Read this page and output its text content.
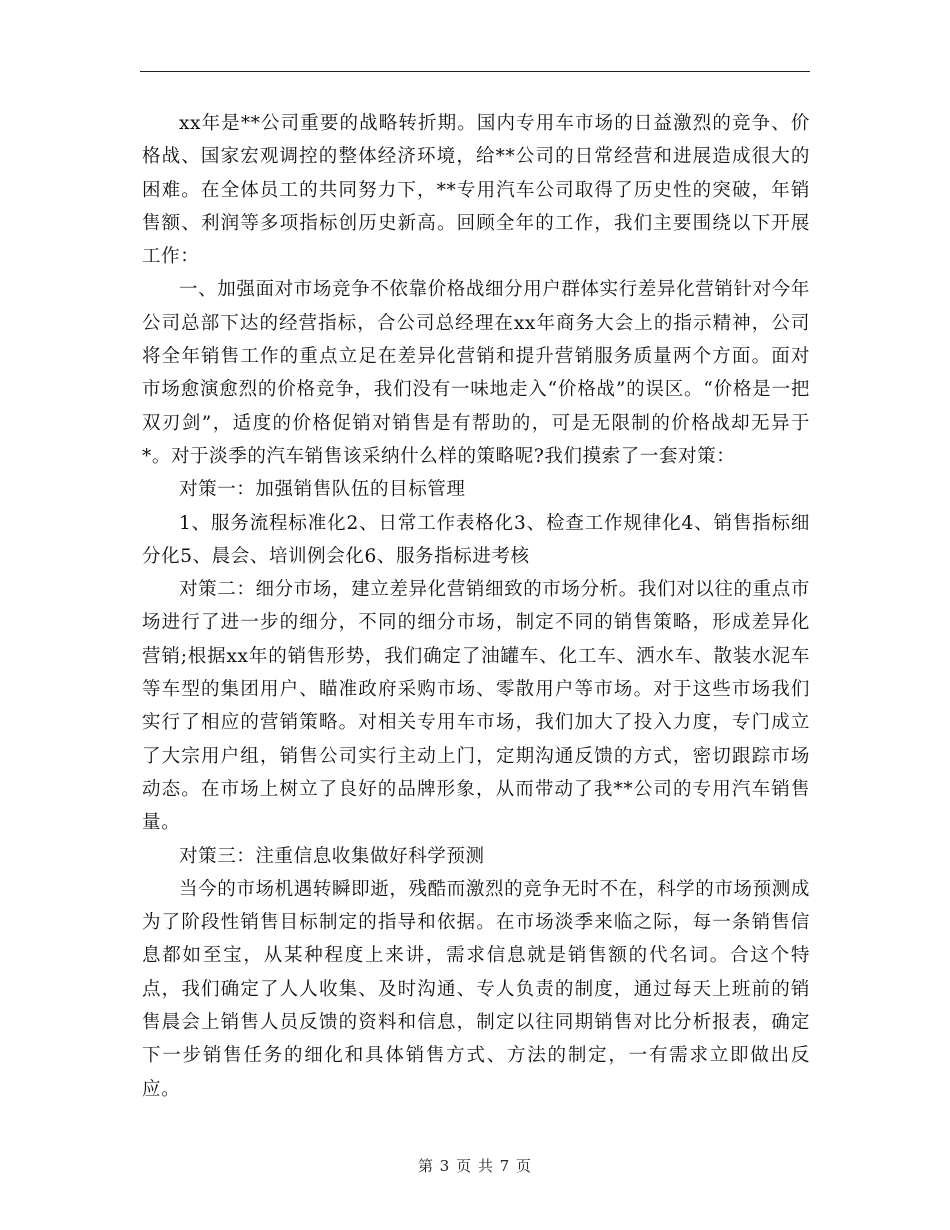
xx年是**公司重要的战略转折期。国内专用车市场的日益激烈的竞争、价格战、国家宏观调控的整体经济环境，给**公司的日常经营和进展造成很大的困难。在全体员工的共同努力下，**专用汽车公司取得了历史性的突破，年销售额、利润等多项指标创历史新高。回顾全年的工作，我们主要围绕以下开展工作：

一、加强面对市场竞争不依靠价格战细分用户群体实行差异化营销针对今年公司总部下达的经营指标，合公司总经理在xx年商务大会上的指示精神，公司将全年销售工作的重点立足在差异化营销和提升营销服务质量两个方面。面对市场愈演愈烈的价格竞争，我们没有一味地走入“价格战”的误区。“价格是一把双刃剑”，适度的价格促销对销售是有帮助的，可是无限制的价格战却无异于*。对于淡季的汽车销售该采纳什么样的策略呢?我们摸索了一套对策：

对策一：加强销售队伍的目标管理

1、服务流程标准化2、日常工作表格化3、检查工作规律化4、销售指标细分化5、晨会、培训例会化6、服务指标进考核

对策二：细分市场，建立差异化营销细致的市场分析。我们对以往的重点市场进行了进一步的细分，不同的细分市场，制定不同的销售策略，形成差异化营销;根据xx年的销售形势，我们确定了油罐车、化工车、洒水车、散装水泥车等车型的集团用户、瞄准政府采购市场、零散用户等市场。对于这些市场我们实行了相应的营销策略。对相关专用车市场，我们加大了投入力度，专门成立了大宗用户组，销售公司实行主动上门，定期沟通反馈的方式，密切跟踪市场动态。在市场上树立了良好的品牌形象，从而带动了我**公司的专用汽车销售量。

对策三：注重信息收集做好科学预测

当今的市场机遇转瞬即逝，残酷而激烈的竞争无时不在，科学的市场预测成为了阶段性销售目标制定的指导和依据。在市场淡季来临之际，每一条销售信息都如至宝，从某种程度上来讲，需求信息就是销售额的代名词。合这个特点，我们确定了人人收集、及时沟通、专人负责的制度，通过每天上班前的销售晨会上销售人员反馈的资料和信息，制定以往同期销售对比分析报表，确定下一步销售任务的细化和具体销售方式、方法的制定，一有需求立即做出反应。

第 3 页 共 7 页
